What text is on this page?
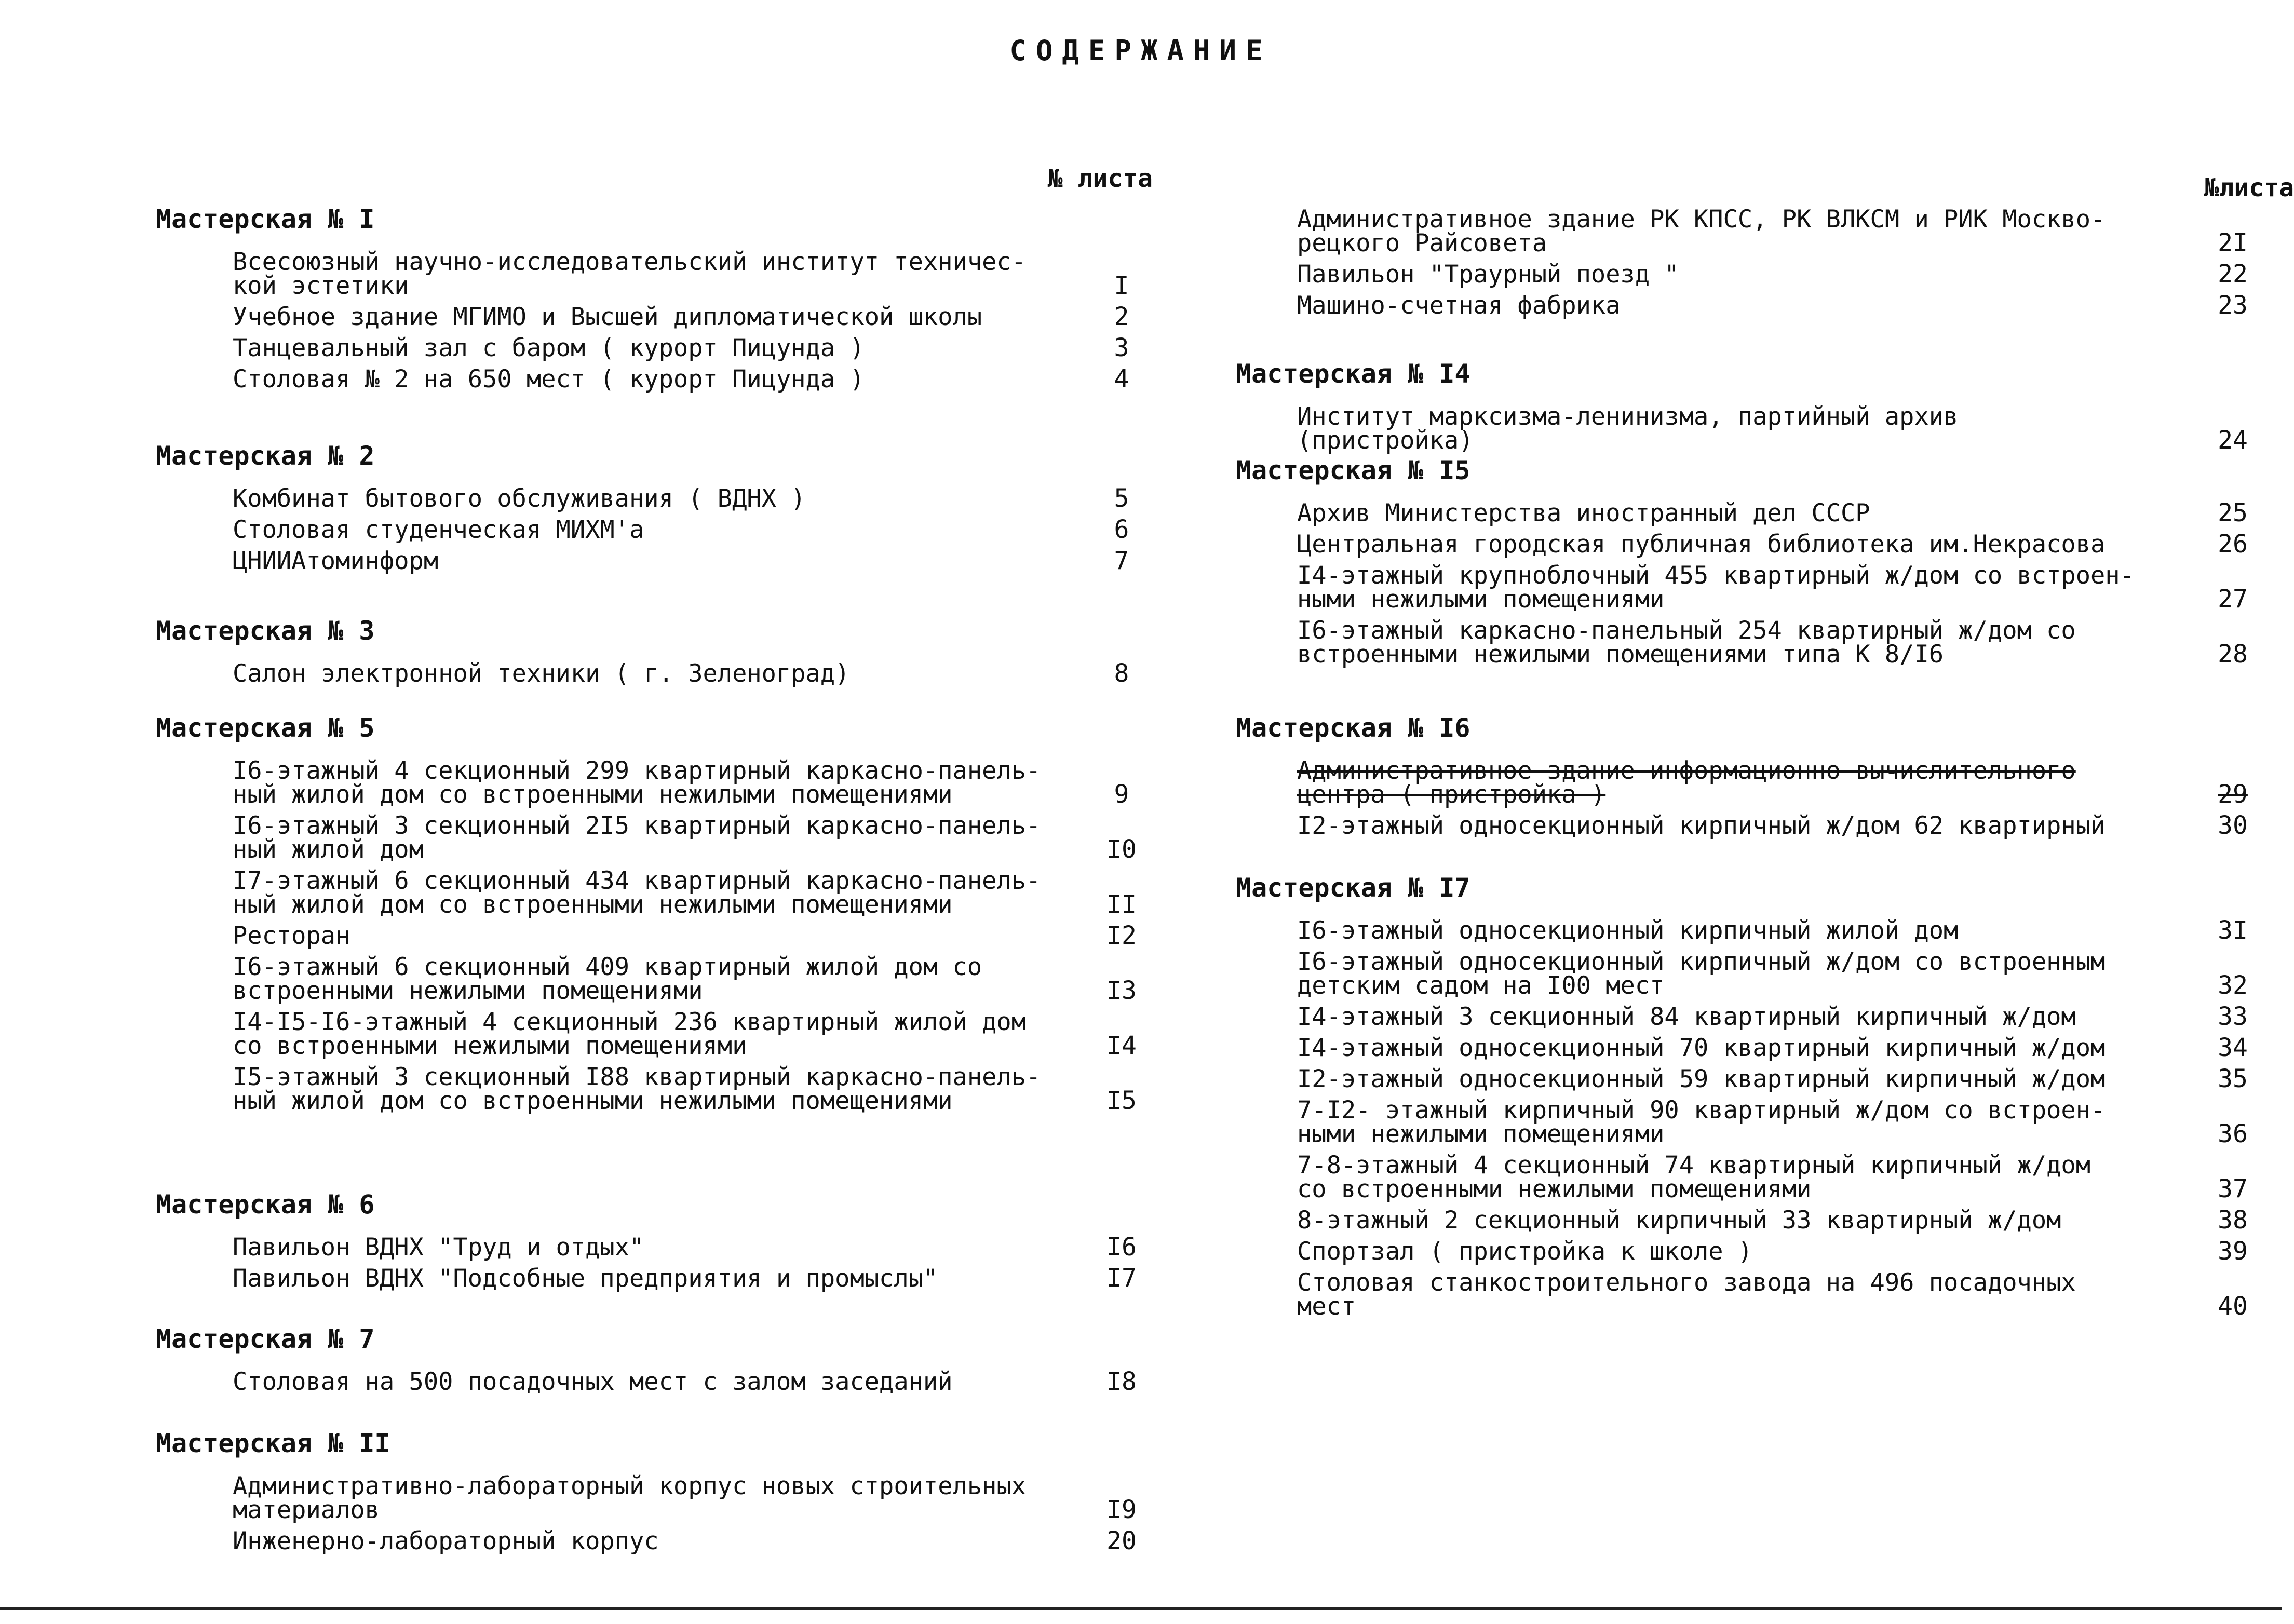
СОДЕРЖАНИЕ
№ листа
Мастерская № I
Всесоюзный научно-исследовательский институт техничес-
кой эстетики	I
Учебное здание МГИМО и Высшей дипломатической школы	2
Танцевальный зал с баром ( курорт Пицунда )	3
Столовая № 2 на 650 мест ( курорт Пицунда )	4
Мастерская № 2
Комбинат бытового обслуживания ( ВДНХ )	5
Столовая студенческая МИХМ'а	6
ЦНИИАтоминформ	7
Мастерская № 3
Салон электронной техники ( г. Зеленоград)	8
Мастерская № 5
I6-этажный 4 секционный 299 квартирный каркасно-панель-
ный жилой дом со встроенными нежилыми помещениями	9
I6-этажный 3 секционный 2I5 квартирный каркасно-панель-
ный жилой дом	I0
I7-этажный 6 секционный 434 квартирный каркасно-панель-
ный жилой дом со встроенными нежилыми помещениями	II
Ресторан	I2
I6-этажный 6 секционный 409 квартирный жилой дом со
встроенными нежилыми помещениями	I3
I4-I5-I6-этажный 4 секционный 236 квартирный жилой дом
со встроенными нежилыми помещениями	I4
I5-этажный 3 секционный I88 квартирный каркасно-панель-
ный жилой дом со встроенными нежилыми помещениями	I5
Мастерская № 6
Павильон ВДНХ "Труд и отдых"	I6
Павильон ВДНХ "Подсобные предприятия и промыслы"	I7
Мастерская № 7
Столовая на 500 посадочных мест с залом заседаний	I8
Мастерская № II
Административно-лабораторный корпус новых строительных
материалов	I9
Инженерно-лабораторный корпус	20
№листа
Административное здание РК КПСС, РК ВЛКСМ и РИК Москво-
рецкого Райсовета	2I
Павильон "Траурный поезд "	22
Машино-счетная фабрика	23
Мастерская № I4
Институт марксизма-ленинизма, партийный архив (пристройка)	24
Мастерская № I5
Архив Министерства иностранный дел СССР	25
Центральная городская публичная библиотека им.Некрасова	26
I4-этажный крупноблочный 455 квартирный ж/дом со встроен-
ными нежилыми помещениями	27
I6-этажный каркасно-панельный 254 квартирный ж/дом со
встроенными нежилыми помещениями типа К 8/I6	28
Мастерская № I6
Административное здание информационно-вычислительного
центра ( пристройка )	29
I2-этажный односекционный кирпичный ж/дом 62 квартирный	30
Мастерская № I7
I6-этажный односекционный кирпичный жилой дом	3I
I6-этажный односекционный кирпичный ж/дом со встроенным
детским садом на I00 мест	32
I4-этажный 3 секционный 84 квартирный кирпичный ж/дом	33
I4-этажный односекционный 70 квартирный кирпичный ж/дом	34
I2-этажный односекционный 59 квартирный кирпичный ж/дом	35
7-I2- этажный кирпичный 90 квартирный ж/дом со встроен-
ными нежилыми помещениями	36
7-8-этажный 4 секционный 74 квартирный кирпичный ж/дом
со встроенными нежилыми помещениями	37
8-этажный 2 секционный кирпичный 33 квартирный ж/дом	38
Спортзал ( пристройка к школе )	39
Столовая станкостроительного завода на 496 посадочных
мест	40
